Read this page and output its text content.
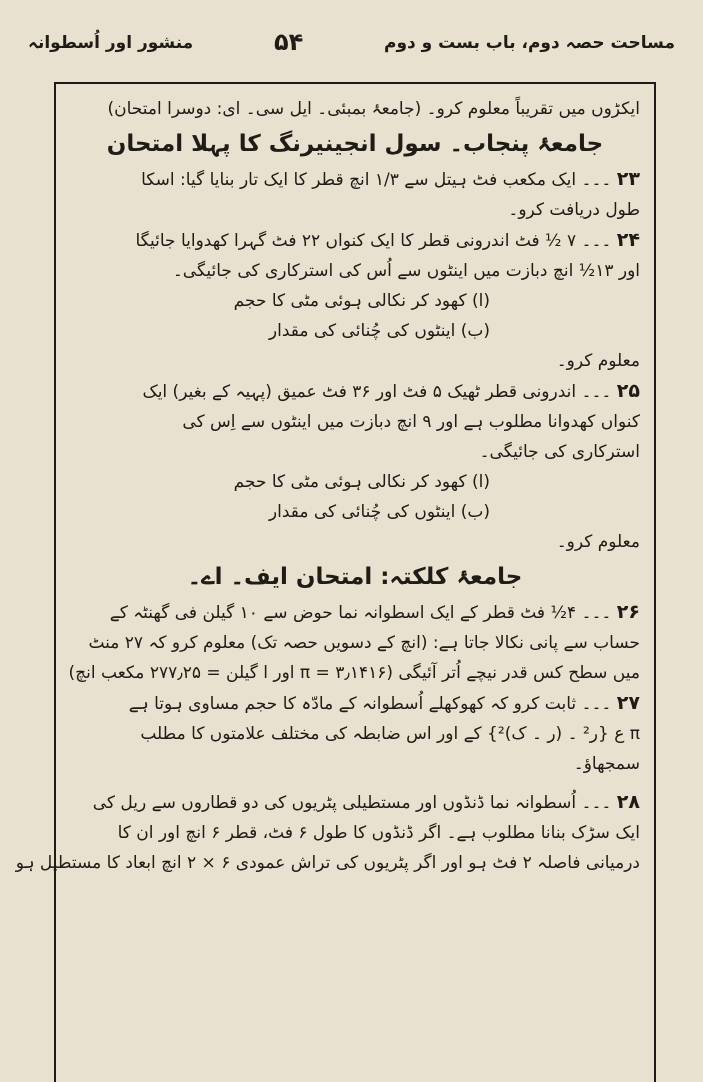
منشور اور اُسطوانہ	۵۴	مساحت حصہ دوم، باب بست و دوم
ایکڑوں میں تقریباً معلوم کرو۔ (جامعۂ بمبئی۔ ایل سی۔ ای: دوسرا امتحان)
جامعۂ پنجاب۔ سول انجینیرنگ کا پہلا امتحان
۲۳ ۔۔۔ ایک مکعب فٹ ہیتل سے ۱/۳ انچ قطر کا ایک تار بنایا گیا: اسکا
طول دریافت کرو۔
۲۴ ۔۔۔ ۷ ½ فٹ اندرونی قطر کا ایک کنواں ۲۲ فٹ گہرا کھدوایا جائیگا
اور ۱۳½ انچ دبازت میں اینٹوں سے اُس کی استرکاری کی جائیگی۔
(ا) کھود کر نکالی ہوئی مٹی کا حجم
(ب) اینٹوں کی چُنائی کی مقدار
معلوم کرو۔
۲۵ ۔۔۔ اندرونی قطر ٹھیک ۵ فٹ اور ۳۶ فٹ عمیق (پہیہ کے بغیر) ایک
کنواں کھدوانا مطلوب ہے اور ۹ انچ دبازت میں اینٹوں سے اِس کی
استرکاری کی جائیگی۔
(ا) کھود کر نکالی ہوئی مٹی کا حجم
(ب) اینٹوں کی چُنائی کی مقدار
معلوم کرو۔
جامعۂ کلکتہ: امتحان ایف۔ اے۔
۲۶ ۔۔۔ ۴½ فٹ قطر کے ایک اسطوانہ نما حوض سے ۱۰ گیلن فی گھنٹہ کے
حساب سے پانی نکالا جاتا ہے: (انچ کے دسویں حصہ تک) معلوم کرو کہ ۲۷ منٹ
میں سطح کس قدر نیچے اُتر آئیگی (π = ۳٫۱۴۱۶ اور ا گیلن = ۲۷۷٫۲۵ مکعب انچ)
۲۷ ۔۔۔ ثابت کرو کہ کھوکھلے اُسطوانہ کے مادّہ کا حجم مساوی ہوتا ہے
π ع {ر² ۔ (ر ۔ ک)²} کے اور اس ضابطہ کی مختلف علامتوں کا مطلب
سمجھاؤ۔
۲۸ ۔۔۔ اُسطوانہ نما ڈنڈوں اور مستطیلی پٹریوں کی دو قطاروں سے ریل کی
ایک سڑک بنانا مطلوب ہے۔ اگر ڈنڈوں کا طول ۶ فٹ، قطر ۶ انچ اور ان کا
درمیانی فاصلہ ۲ فٹ ہو اور اگر پٹریوں کی تراش عمودی ۶ × ۲ انچ ابعاد کا مستطیل ہو
